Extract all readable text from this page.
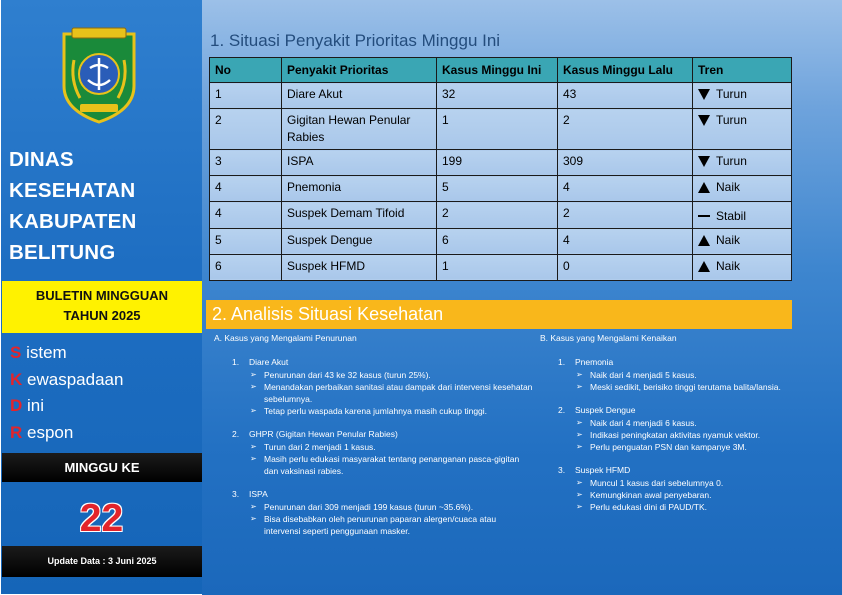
DINAS
KESEHATAN
KABUPATEN
BELITUNG
BULETIN MINGGUAN
TAHUN 2025
S istem
K ewaspadaan
D ini
R espon
MINGGU KE
22
Update Data : 3 Juni 2025
1. Situasi Penyakit Prioritas Minggu Ini
No	Penyakit Prioritas	Kasus Minggu Ini	Kasus Minggu Lalu	Tren
1	Diare Akut	32	43	Turun

2	Gigitan Hewan Penular Rabies	1	2	Turun

3	ISPA	199	309	Turun

4	Pnemonia	5	4	Naik

4	Suspek Demam Tifoid	2	2	Stabil

5	Suspek Dengue	6	4	Naik

6	Suspek HFMD	1	0	Naik
2. Analisis Situasi Kesehatan
A. Kasus yang Mengalami Penurunan
1. Diare Akut
➢ Penurunan dari 43 ke 32 kasus (turun 25%).
➢ Menandakan perbaikan sanitasi atau dampak dari intervensi kesehatan sebelumnya.
➢ Tetap perlu waspada karena jumlahnya masih cukup tinggi.
2. GHPR (Gigitan Hewan Penular Rabies)
➢ Turun dari 2 menjadi 1 kasus.
➢ Masih perlu edukasi masyarakat tentang penanganan pasca-gigitan dan vaksinasi rabies.
3. ISPA
➢ Penurunan dari 309 menjadi 199 kasus (turun ~35.6%).
➢ Bisa disebabkan oleh penurunan paparan alergen/cuaca atau intervensi seperti penggunaan masker.
B. Kasus yang Mengalami Kenaikan
1. Pnemonia
➢ Naik dari 4 menjadi 5 kasus.
➢ Meski sedikit, berisiko tinggi terutama balita/lansia.
2. Suspek Dengue
➢ Naik dari 4 menjadi 6 kasus.
➢ Indikasi peningkatan aktivitas nyamuk vektor.
➢ Perlu penguatan PSN dan kampanye 3M.
3. Suspek HFMD
➢ Muncul 1 kasus dari sebelumnya 0.
➢ Kemungkinan awal penyebaran.
➢ Perlu edukasi dini di PAUD/TK.
